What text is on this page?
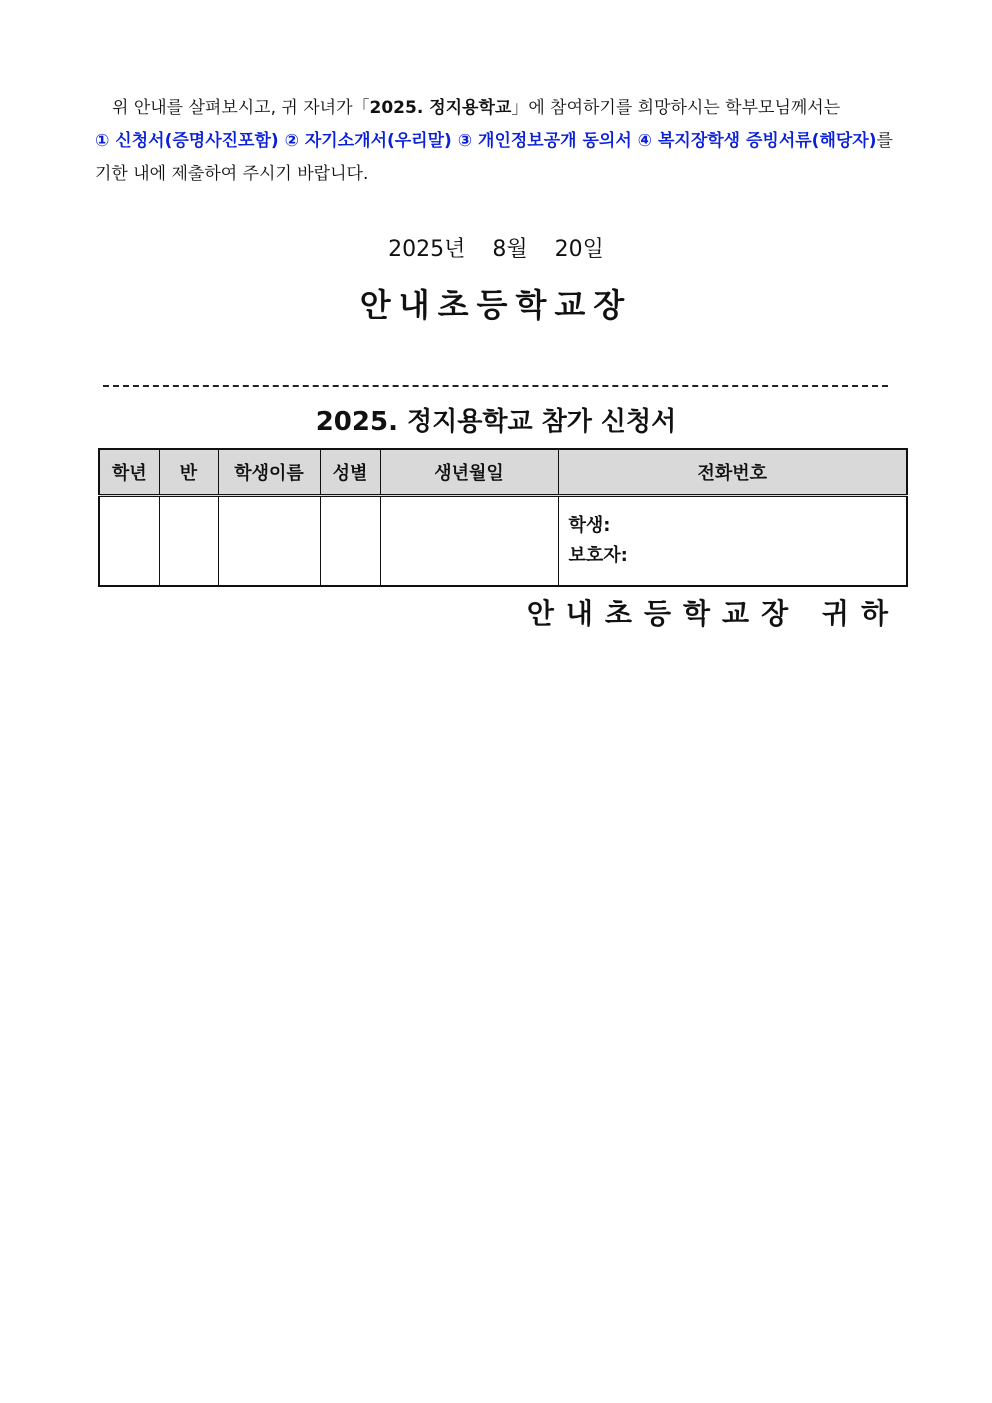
위 안내를 살펴보시고, 귀 자녀가「2025. 정지용학교」에 참여하기를 희망하시는 학부모님께서는
① 신청서(증명사진포함) ② 자기소개서(우리말) ③ 개인정보공개 동의서 ④ 복지장학생 증빙서류(해당자)를
기한 내에 제출하여 주시기 바랍니다.
2025년 8월 20일
안내초등학교장
2025. 정지용학교 참가 신청서
학년	반	학생이름	성별	생년월일	전화번호

					학생:
보호자:
안내초등학교장 귀하
